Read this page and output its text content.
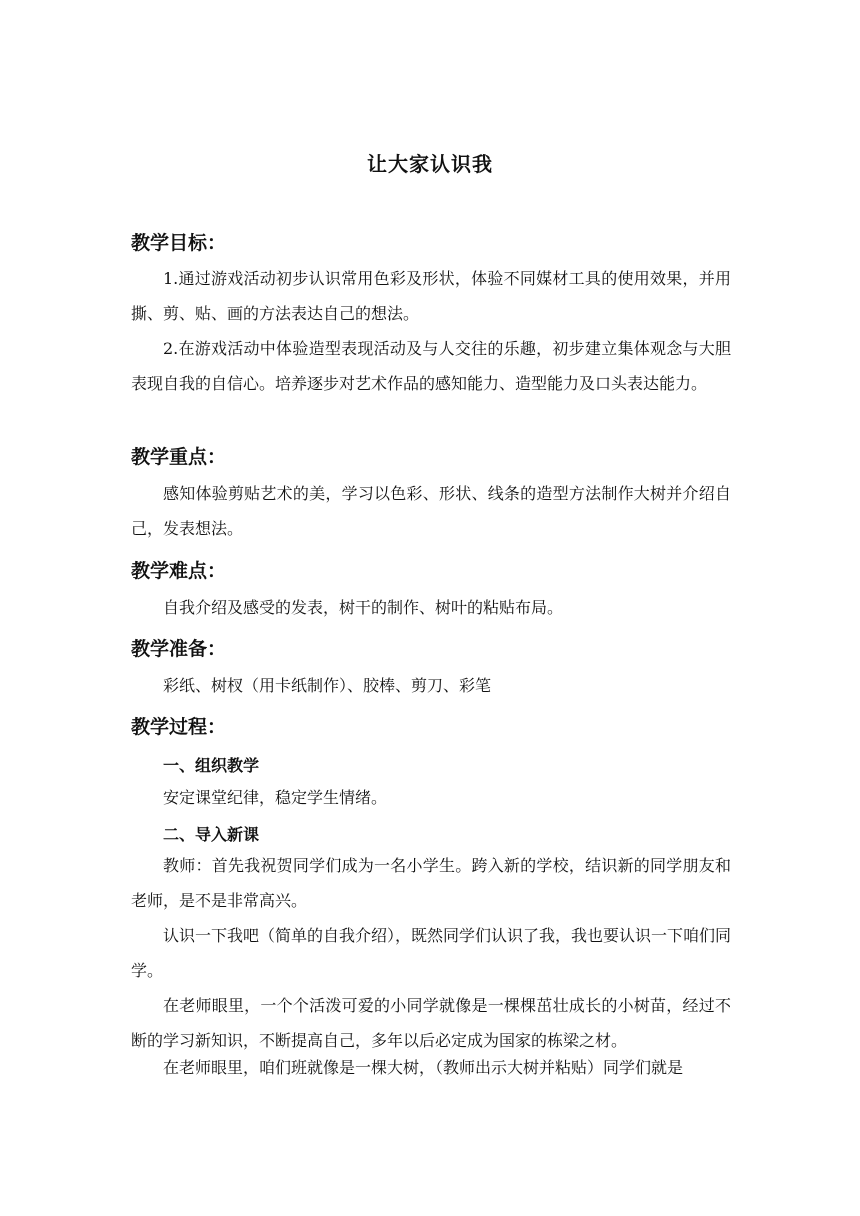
让大家认识我
教学目标：

1.通过游戏活动初步认识常用色彩及形状，体验不同媒材工具的使用效果，并用撕、剪、贴、画的方法表达自己的想法。

2.在游戏活动中体验造型表现活动及与人交往的乐趣，初步建立集体观念与大胆表现自我的自信心。培养逐步对艺术作品的感知能力、造型能力及口头表达能力。

教学重点：

感知体验剪贴艺术的美，学习以色彩、形状、线条的造型方法制作大树并介绍自己，发表想法。

教学难点：

自我介绍及感受的发表，树干的制作、树叶的粘贴布局。

教学准备：

彩纸、树杈（用卡纸制作）、胶棒、剪刀、彩笔

教学过程：
一、组织教学

安定课堂纪律，稳定学生情绪。

二、导入新课

教师：首先我祝贺同学们成为一名小学生。跨入新的学校，结识新的同学朋友和老师，是不是非常高兴。

认识一下我吧（简单的自我介绍），既然同学们认识了我，我也要认识一下咱们同学。

在老师眼里，一个个活泼可爱的小同学就像是一棵棵茁壮成长的小树苗，经过不断的学习新知识，不断提高自己，多年以后必定成为国家的栋梁之材。

在老师眼里，咱们班就像是一棵大树，（教师出示大树并粘贴）同学们就是
